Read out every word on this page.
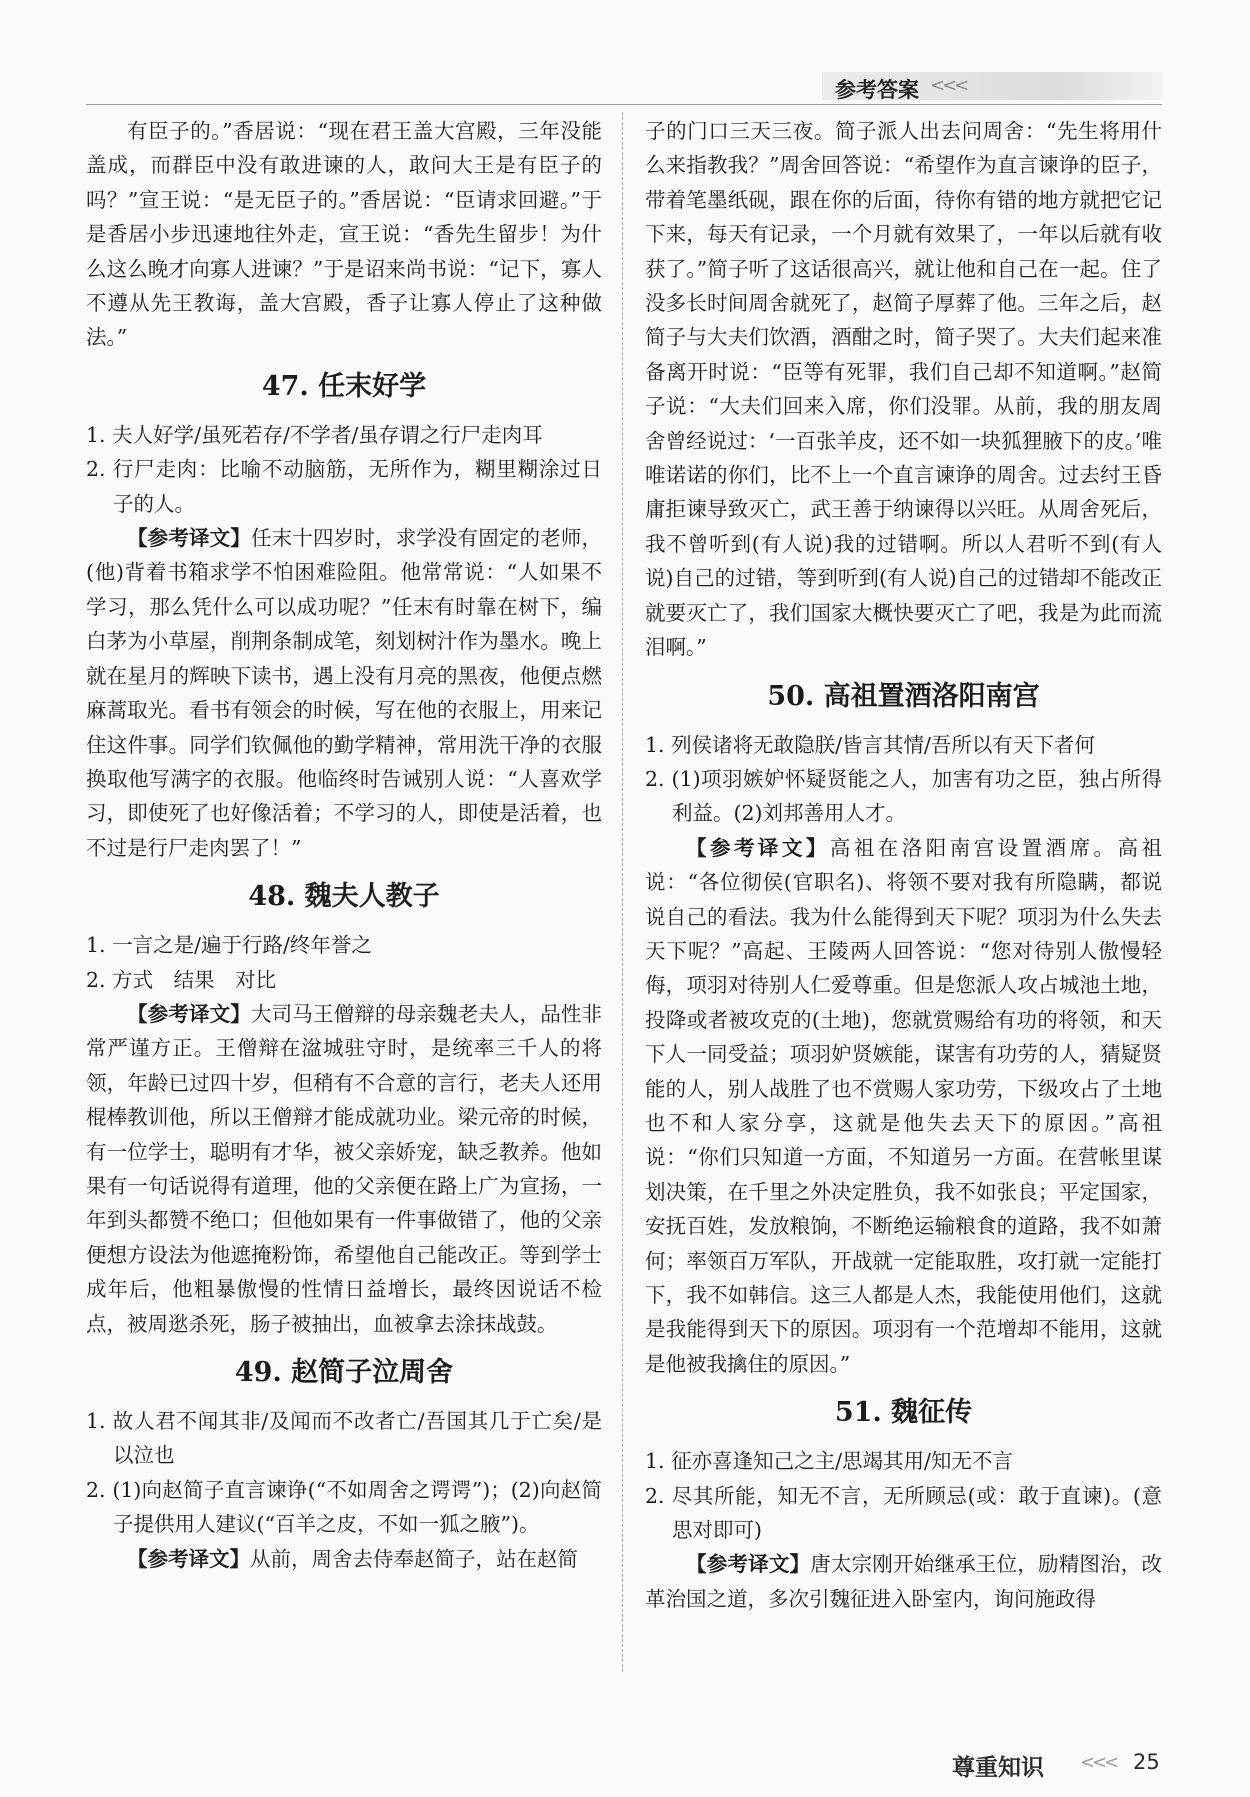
参考答案 <<<

有臣子的。”香居说：“现在君王盖大宫殿，三年没能盖成，而群臣中没有敢进谏的人，敢问大王是有臣子的吗？”宣王说：“是无臣子的。”香居说：“臣请求回避。”于是香居小步迅速地往外走，宣王说：“香先生留步！为什么这么晚才向寡人进谏？”于是诏来尚书说：“记下，寡人不遵从先王教诲，盖大宫殿，香子让寡人停止了这种做法。”

47. 任末好学

1. 夫人好学/虽死若存/不学者/虽存谓之行尸走肉耳

2. 行尸走肉：比喻不动脑筋，无所作为，糊里糊涂过日子的人。

【参考译文】任末十四岁时，求学没有固定的老师，(他)背着书箱求学不怕困难险阻。他常常说：“人如果不学习，那么凭什么可以成功呢？”任末有时靠在树下，编白茅为小草屋，削荆条制成笔，刻划树汁作为墨水。晚上就在星月的辉映下读书，遇上没有月亮的黑夜，他便点燃麻蒿取光。看书有领会的时候，写在他的衣服上，用来记住这件事。同学们钦佩他的勤学精神，常用洗干净的衣服换取他写满字的衣服。他临终时告诫别人说：“人喜欢学习，即使死了也好像活着；不学习的人，即使是活着，也不过是行尸走肉罢了！”

48. 魏夫人教子

1. 一言之是/遍于行路/终年誉之

2. 方式　结果　对比

【参考译文】大司马王僧辩的母亲魏老夫人，品性非常严谨方正。王僧辩在湓城驻守时，是统率三千人的将领，年龄已过四十岁，但稍有不合意的言行，老夫人还用棍棒教训他，所以王僧辩才能成就功业。梁元帝的时候，有一位学士，聪明有才华，被父亲娇宠，缺乏教养。他如果有一句话说得有道理，他的父亲便在路上广为宣扬，一年到头都赞不绝口；但他如果有一件事做错了，他的父亲便想方设法为他遮掩粉饰，希望他自己能改正。等到学士成年后，他粗暴傲慢的性情日益增长，最终因说话不检点，被周逖杀死，肠子被抽出，血被拿去涂抹战鼓。

49. 赵简子泣周舍

1. 故人君不闻其非/及闻而不改者亡/吾国其几于亡矣/是以泣也

2. (1)向赵简子直言谏诤(“不如周舍之谔谔”)；(2)向赵简子提供用人建议(“百羊之皮，不如一狐之腋”)。

【参考译文】从前，周舍去侍奉赵简子，站在赵简

子的门口三天三夜。简子派人出去问周舍：“先生将用什么来指教我？”周舍回答说：“希望作为直言谏诤的臣子，带着笔墨纸砚，跟在你的后面，待你有错的地方就把它记下来，每天有记录，一个月就有效果了，一年以后就有收获了。”简子听了这话很高兴，就让他和自己在一起。住了没多长时间周舍就死了，赵简子厚葬了他。三年之后，赵简子与大夫们饮酒，酒酣之时，简子哭了。大夫们起来准备离开时说：“臣等有死罪，我们自己却不知道啊。”赵简子说：“大夫们回来入席，你们没罪。从前，我的朋友周舍曾经说过：‘一百张羊皮，还不如一块狐狸腋下的皮。’唯唯诺诺的你们，比不上一个直言谏诤的周舍。过去纣王昏庸拒谏导致灭亡，武王善于纳谏得以兴旺。从周舍死后，我不曾听到(有人说)我的过错啊。所以人君听不到(有人说)自己的过错，等到听到(有人说)自己的过错却不能改正就要灭亡了，我们国家大概快要灭亡了吧，我是为此而流泪啊。”

50. 高祖置酒洛阳南宫

1. 列侯诸将无敢隐朕/皆言其情/吾所以有天下者何

2. (1)项羽嫉妒怀疑贤能之人，加害有功之臣，独占所得利益。(2)刘邦善用人才。

【参考译文】高祖在洛阳南宫设置酒席。高祖说：“各位彻侯(官职名)、将领不要对我有所隐瞒，都说说自己的看法。我为什么能得到天下呢？项羽为什么失去天下呢？”高起、王陵两人回答说：“您对待别人傲慢轻侮，项羽对待别人仁爱尊重。但是您派人攻占城池土地，投降或者被攻克的(土地)，您就赏赐给有功的将领，和天下人一同受益；项羽妒贤嫉能，谋害有功劳的人，猜疑贤能的人，别人战胜了也不赏赐人家功劳，下级攻占了土地也不和人家分享，这就是他失去天下的原因。”高祖说：“你们只知道一方面，不知道另一方面。在营帐里谋划决策，在千里之外决定胜负，我不如张良；平定国家，安抚百姓，发放粮饷，不断绝运输粮食的道路，我不如萧何；率领百万军队，开战就一定能取胜，攻打就一定能打下，我不如韩信。这三人都是人杰，我能使用他们，这就是我能得到天下的原因。项羽有一个范增却不能用，这就是他被我擒住的原因。”

51. 魏征传

1. 征亦喜逢知己之主/思竭其用/知无不言

2. 尽其所能，知无不言，无所顾忌(或：敢于直谏)。(意思对即可)

【参考译文】唐太宗刚开始继承王位，励精图治，改革治国之道，多次引魏征进入卧室内，询问施政得

尊重知识 <<< 25
